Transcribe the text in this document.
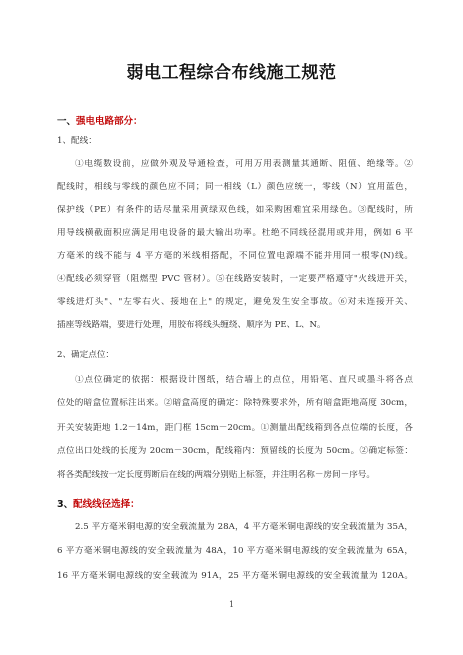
弱电工程综合布线施工规范
一、强电电路部分：
1、配线：
①电缆数设前，应做外观及导通检查，可用万用表测量其通断、阻值、绝缘等。②
配线时，相线与零线的颜色应不同；同一相线（L）颜色应统一，零线（N）宜用蓝色，
保护线（PE）有条件的话尽量采用黄绿双色线，如采购困难宜采用绿色。③配线时，所
用导线横截面积应满足用电设备的最大输出功率。杜绝不同线径混用或并用，例如 6 平
方毫米的线不能与 4 平方毫的米线相搭配，不同位置电源端不能并用同一根零(N)线。
④配线必须穿管（阻燃型 PVC 管材）。⑤在线路安装时，一定要严格遵守"火线进开关，
零线进灯头"、"左零右火、接地在上" 的规定，避免发生安全事故。⑥对未连接开关、
插座等线路端，要进行处理，用胶布将线头缠绕、顺序为 PE、L、N。
2、确定点位：
①点位确定的依据：根据设计图纸，结合墙上的点位，用铅笔、直尺或墨斗将各点
位处的暗盒位置标注出来。②暗盒高度的确定：除特殊要求外，所有暗盒距地高度 30cm，
开关安装距地 1.2－14m，距门框 15cm－20cm。①测量出配线箱到各点位端的长度，各
点位出口处线的长度为 20cm－30cm，配线箱内：预留线的长度为 50cm。②确定标签：
将各类配线按一定长度剪断后在线的两端分别贴上标签，并注明名称－房间－序号。
3、配线线径选择：
2.5 平方毫米铜电源的安全载流量为 28A，4 平方毫米铜电源线的安全载流量为 35A，
6 平方毫米铜电源线的安全载流量为 48A，10 平方毫米铜电源线的安全载流量为 65A，
16 平方毫米铜电源线的安全载流为 91A，25 平方毫米铜电源线的安全载流量为 120A。
1
